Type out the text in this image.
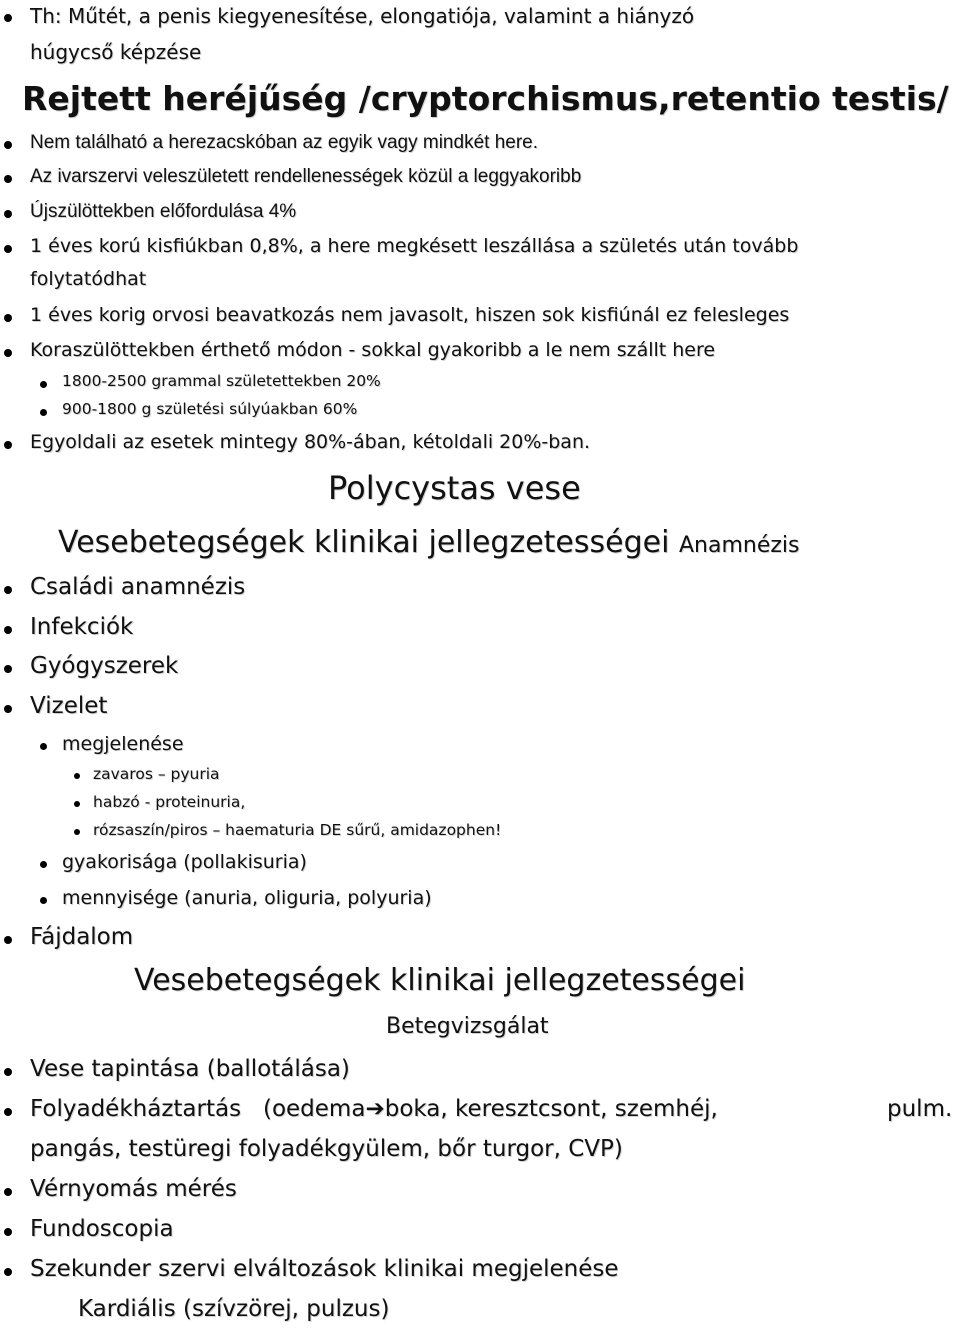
Th: Műtét, a penis kiegyenesítése, elongatiója, valamint a hiányzó
húgycső képzése
Rejtett heréjűség /cryptorchismus,retentio testis/
Nem található a herezacskóban az egyik vagy mindkét here.
Az ivarszervi veleszületett rendellenességek közül a leggyakoribb
Újszülöttekben előfordulása 4%
1 éves korú kisfiúkban 0,8%, a here megkésett leszállása a születés után tovább
folytatódhat
1 éves korig orvosi beavatkozás nem javasolt, hiszen sok kisfiúnál ez felesleges
Koraszülöttekben érthető módon - sokkal gyakoribb a le nem szállt here
1800-2500 grammal születettekben 20%
900-1800 g születési súlyúakban 60%
Egyoldali az esetek mintegy 80%-ában, kétoldali 20%-ban.
Polycystas vese
Vesebetegségek klinikai jellegzetességei Anamnézis
Családi anamnézis
Infekciók
Gyógyszerek
Vizelet
megjelenése
zavaros – pyuria
habzó - proteinuria,
rózsaszín/piros – haematuria DE sűrű, amidazophen!
gyakorisága (pollakisuria)
mennyisége (anuria, oliguria, polyuria)
Fájdalom
Vesebetegségek klinikai jellegzetességei
Betegvizsgálat
Vese tapintása (ballotálása)
Folyadékháztartás   (oedema➔boka, keresztcsont, szemhéj,	pulm.
pangás, testüregi folyadékgyülem, bőr turgor, CVP)
Vérnyomás mérés
Fundoscopia
Szekunder szervi elváltozások klinikai megjelenése
Kardiális (szívzörej, pulzus)
